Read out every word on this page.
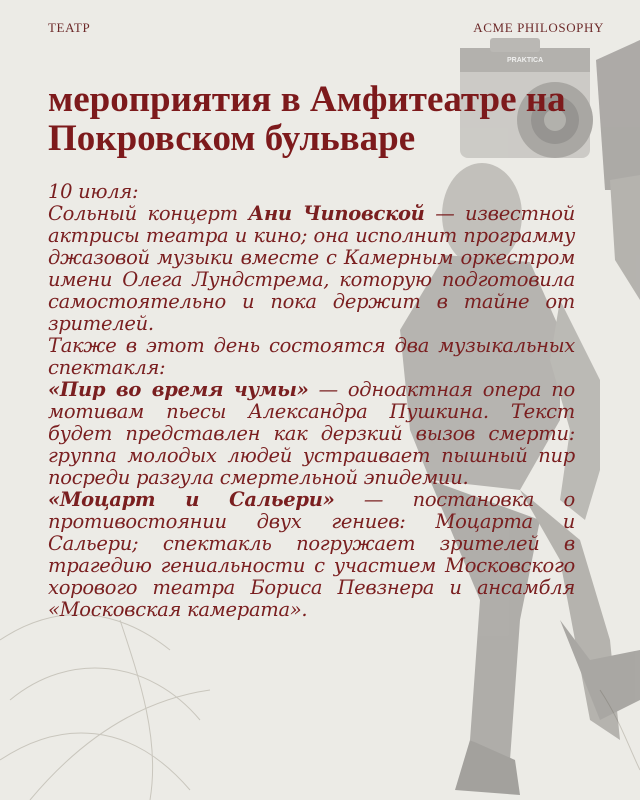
PRAKTICA
ТЕАТР	ACME PHILOSOPHY
мероприятия в Амфитеатре на Покровском бульваре

10 июля:

Сольный концерт Ани Чиповской — известной актрисы театра и кино; она исполнит программу джазовой музыки вместе с Камерным оркестром имени Олега Лундстрема, которую подготовила самостоятельно и пока держит в тайне от зрителей.

Также в этот день состоятся два музыкальных спектакля:

«Пир во время чумы» — одноактная опера по мотивам пьесы Александра Пушкина. Текст будет представлен как дерзкий вызов смерти: группа молодых людей устраивает пышный пир посреди разгула смертельной эпидемии.

«Моцарт и Сальери» — постановка о противостоянии двух гениев: Моцарта и Сальери; спектакль погружает зрителей в трагедию гениальности с участием Московского хорового театра Бориса Певзнера и ансамбля «Московская камерата».
